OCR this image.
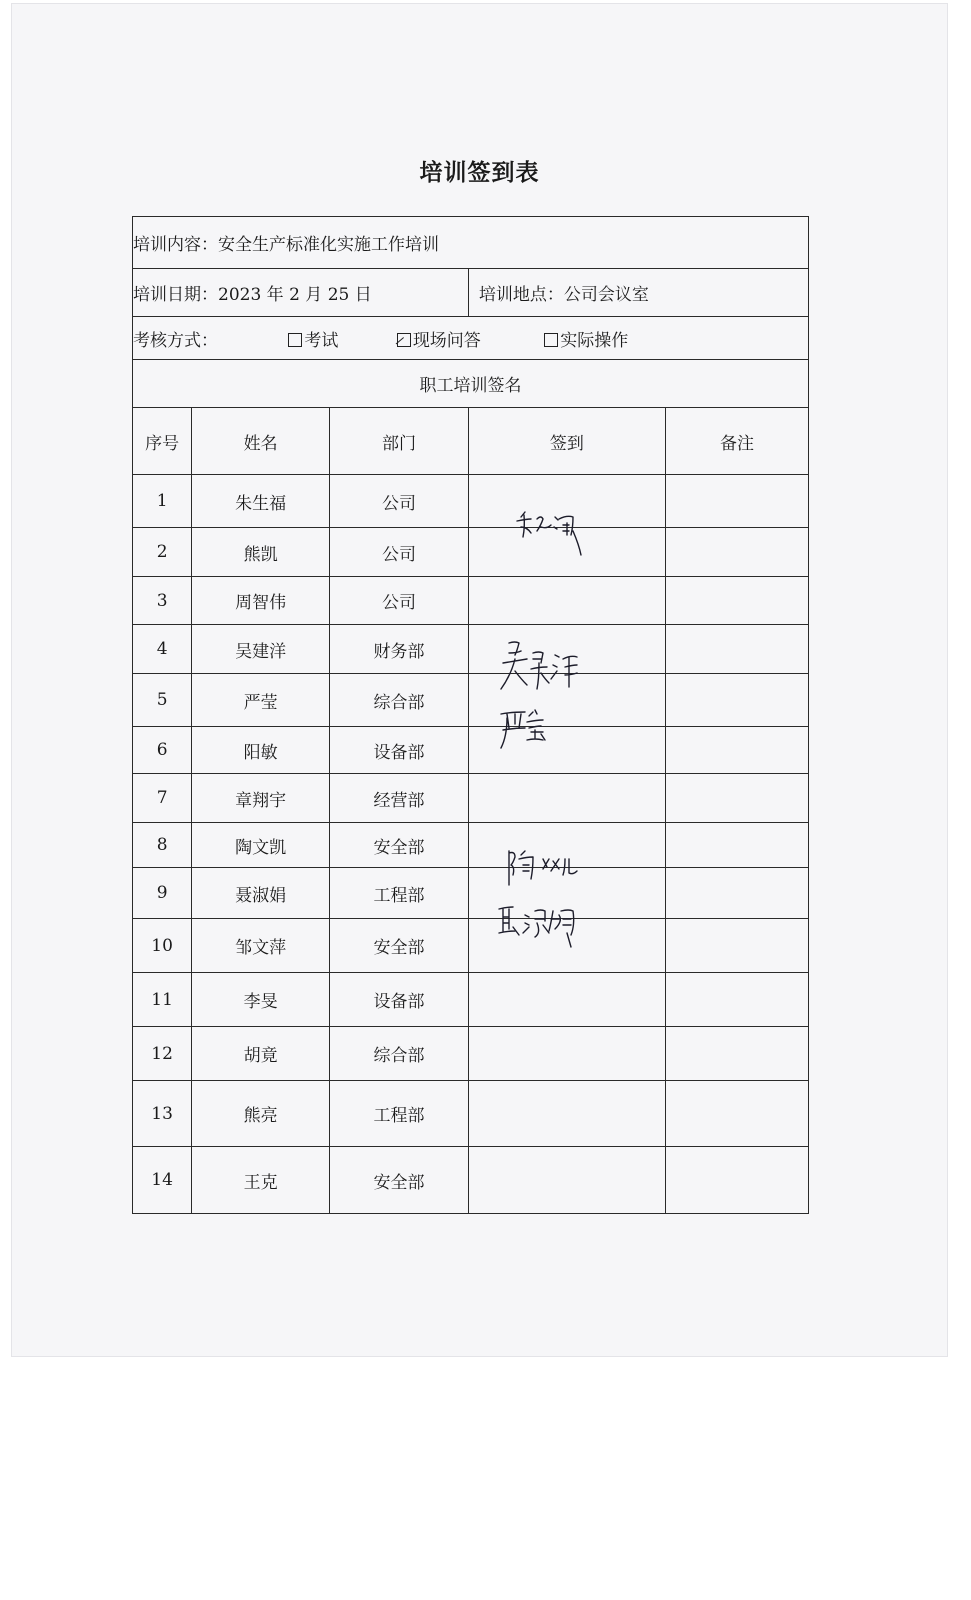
培训签到表
培训内容：安全生产标准化实施工作培训				
培训日期：2023 年 2 月 25 日			培训地点：公司会议室	
考核方式： 考试 现场问答 实际操作				
职工培训签名				
序号	姓名	部门	签到	备注
1	朱生福	公司	

2	熊凯	公司		
3	周智伟	公司		
4	吴建洋	财务部	

5	严莹	综合部	

6	阳敏	设备部		
7	章翔宇	经营部		
8	陶文凯	安全部	

9	聂淑娟	工程部	

10	邹文萍	安全部		
11	李旻	设备部		
12	胡竟	综合部		
13	熊亮	工程部		
14	王克	安全部		
